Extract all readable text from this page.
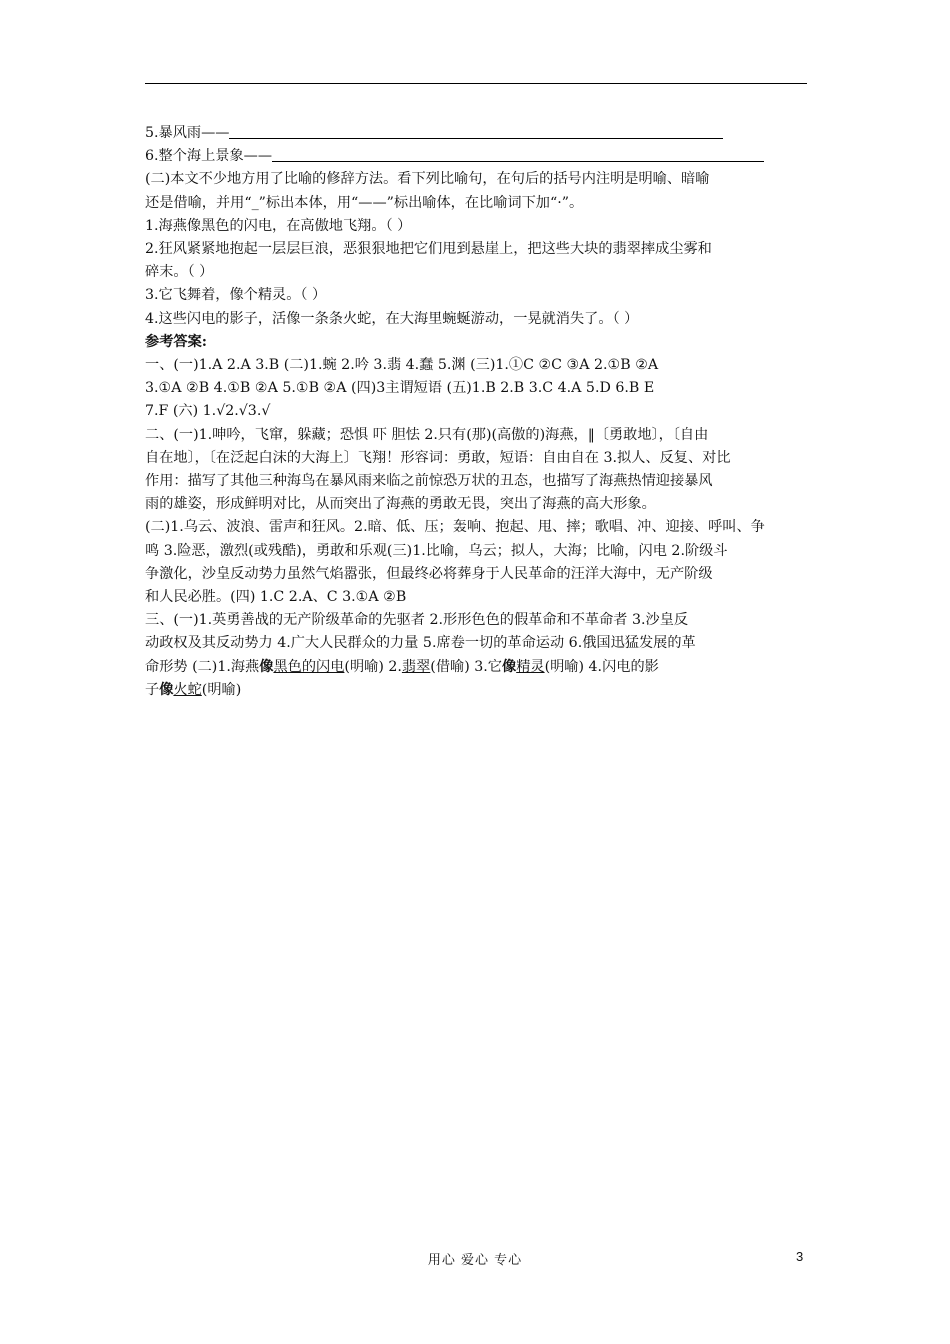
5.暴风雨——

6.整个海上景象——

(二)本文不少地方用了比喻的修辞方法。看下列比喻句，在句后的括号内注明是明喻、暗喻

还是借喻，并用“_”标出本体，用“——”标出喻体，在比喻词下加“·”。

1.海燕像黑色的闪电，在高傲地飞翔。（ ）

2.狂风紧紧地抱起一层层巨浪，恶狠狠地把它们甩到悬崖上，把这些大块的翡翠摔成尘雾和

碎末。（ ）

3.它飞舞着，像个精灵。（ ）

4.这些闪电的影子，活像一条条火蛇，在大海里蜿蜒游动，一晃就消失了。（ ）

参考答案:

一、(一)1.A 2.A 3.B (二)1.蜿 2.吟 3.翡 4.蠢 5.渊 (三)1.①C ②C ③A 2.①B ②A

3.①A ②B 4.①B ②A 5.①B ②A (四)3主谓短语 (五)1.B 2.B 3.C 4.A 5.D 6.B E

7.F (六) 1.√2.√3.√

二、(一)1.呻吟，飞窜，躲藏；恐惧 吓 胆怯 2.只有(那)(高傲的)海燕，‖〔勇敢地〕，〔自由

自在地〕，〔在泛起白沫的大海上〕飞翔！形容词：勇敢，短语：自由自在 3.拟人、反复、对比

作用：描写了其他三种海鸟在暴风雨来临之前惊恐万状的丑态，也描写了海燕热情迎接暴风

雨的雄姿，形成鲜明对比，从而突出了海燕的勇敢无畏，突出了海燕的高大形象。

(二)1.乌云、波浪、雷声和狂风。2.暗、低、压；轰响、抱起、甩、摔；歌唱、冲、迎接、呼叫、争

鸣 3.险恶，激烈(或残酷)，勇敢和乐观(三)1.比喻，乌云；拟人，大海；比喻，闪电 2.阶级斗

争激化，沙皇反动势力虽然气焰嚣张，但最终必将葬身于人民革命的汪洋大海中，无产阶级

和人民必胜。(四) 1.C 2.A、C 3.①A ②B

三、(一)1.英勇善战的无产阶级革命的先驱者 2.形形色色的假革命和不革命者 3.沙皇反

动政权及其反动势力 4.广大人民群众的力量 5.席卷一切的革命运动 6.俄国迅猛发展的革

命形势 (二)1.海燕像黑色的闪电(明喻) 2.翡翠(借喻) 3.它像精灵(明喻) 4.闪电的影

子像火蛇(明喻)

用心 爱心 专心	3
